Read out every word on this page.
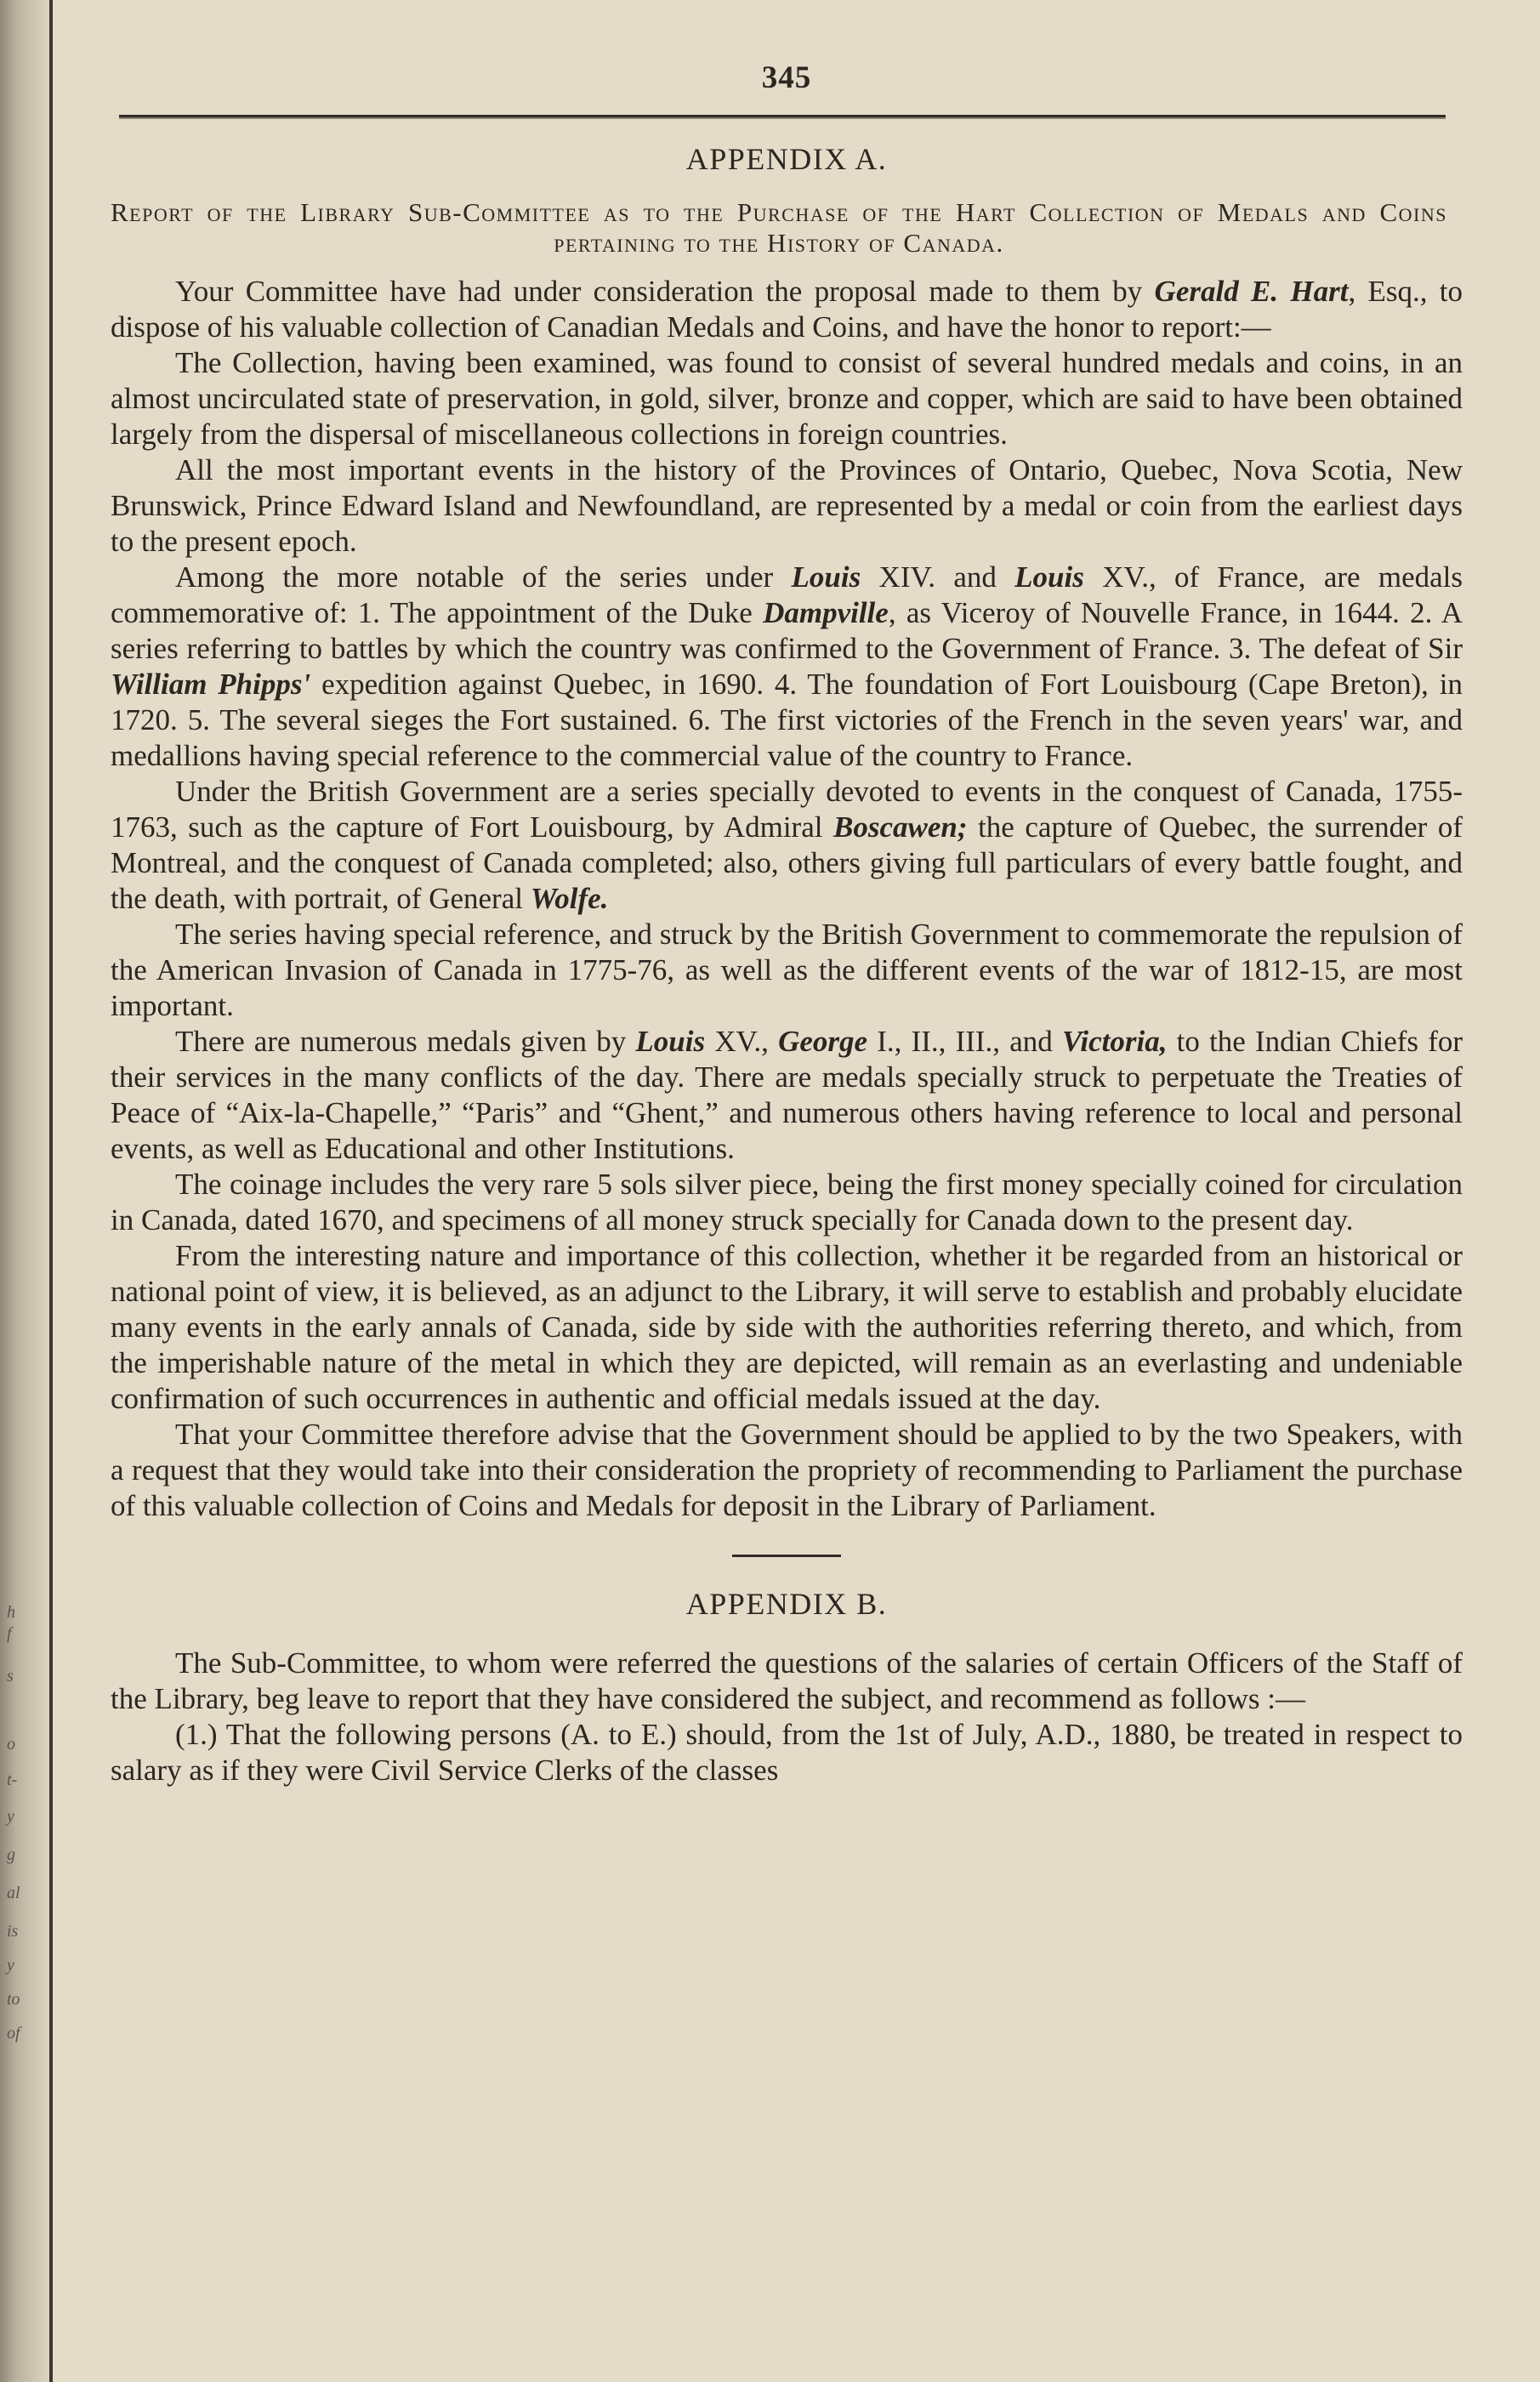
h
f
s
o
t-
y
g
al
is
y
to
of
345
APPENDIX A.
Report of the Library Sub-Committee as to the Purchase of the Hart Collection of Medals and Coins pertaining to the History of Canada.

Your Committee have had under consideration the proposal made to them by Gerald E. Hart, Esq., to dispose of his valuable collection of Canadian Medals and Coins, and have the honor to report:—

The Collection, having been examined, was found to consist of several hundred medals and coins, in an almost uncirculated state of preservation, in gold, silver, bronze and copper, which are said to have been obtained largely from the dispersal of miscellaneous collections in foreign countries.

All the most important events in the history of the Provinces of Ontario, Quebec, Nova Scotia, New Brunswick, Prince Edward Island and Newfoundland, are represented by a medal or coin from the earliest days to the present epoch.

Among the more notable of the series under Louis XIV. and Louis XV., of France, are medals commemorative of: 1. The appointment of the Duke Dampville, as Viceroy of Nouvelle France, in 1644. 2. A series referring to battles by which the country was confirmed to the Government of France. 3. The defeat of Sir William Phipps' expedition against Quebec, in 1690. 4. The foundation of Fort Louisbourg (Cape Breton), in 1720. 5. The several sieges the Fort sustained. 6. The first victories of the French in the seven years' war, and medallions having special reference to the commercial value of the country to France.

Under the British Government are a series specially devoted to events in the conquest of Canada, 1755-1763, such as the capture of Fort Louisbourg, by Admiral Boscawen; the capture of Quebec, the surrender of Montreal, and the conquest of Canada completed; also, others giving full particulars of every battle fought, and the death, with portrait, of General Wolfe.

The series having special reference, and struck by the British Government to commemorate the repulsion of the American Invasion of Canada in 1775-76, as well as the different events of the war of 1812-15, are most important.

There are numerous medals given by Louis XV., George I., II., III., and Victoria, to the Indian Chiefs for their services in the many conflicts of the day. There are medals specially struck to perpetuate the Treaties of Peace of “Aix-la-Chapelle,” “Paris” and “Ghent,” and numerous others having reference to local and personal events, as well as Educational and other Institutions.

The coinage includes the very rare 5 sols silver piece, being the first money specially coined for circulation in Canada, dated 1670, and specimens of all money struck specially for Canada down to the present day.

From the interesting nature and importance of this collection, whether it be regarded from an historical or national point of view, it is believed, as an adjunct to the Library, it will serve to establish and probably elucidate many events in the early annals of Canada, side by side with the authorities referring thereto, and which, from the imperishable nature of the metal in which they are depicted, will remain as an everlasting and undeniable confirmation of such occurrences in authentic and official medals issued at the day.

That your Committee therefore advise that the Government should be applied to by the two Speakers, with a request that they would take into their consideration the propriety of recommending to Parliament the purchase of this valuable collection of Coins and Medals for deposit in the Library of Parliament.

APPENDIX B.

The Sub-Committee, to whom were referred the questions of the salaries of certain Officers of the Staff of the Library, beg leave to report that they have considered the subject, and recommend as follows :—

(1.) That the following persons (A. to E.) should, from the 1st of July, A.D., 1880, be treated in respect to salary as if they were Civil Service Clerks of the classes
